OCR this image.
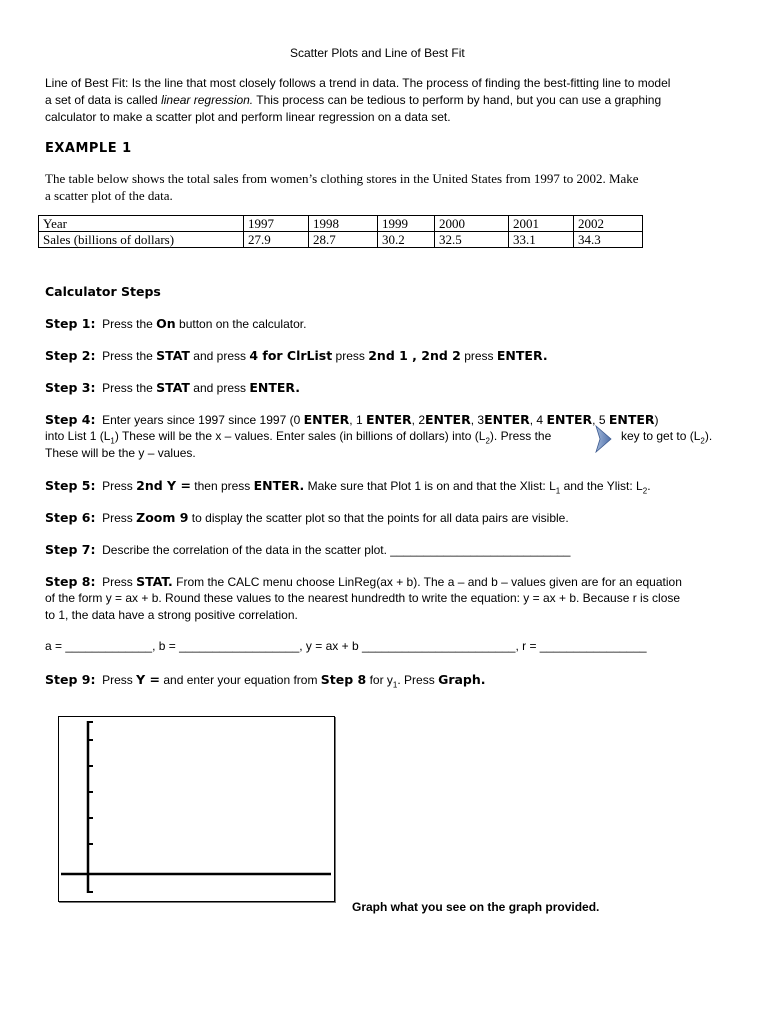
Scatter Plots and Line of Best Fit
Line of Best Fit: Is the line that most closely follows a trend in data. The process of finding the best-fitting line to model
a set of data is called linear regression. This process can be tedious to perform by hand, but you can use a graphing
calculator to make a scatter plot and perform linear regression on a data set.
EXAMPLE 1
The table below shows the total sales from women’s clothing stores in the United States from 1997 to 2002. Make
a scatter plot of the data.
Year	1997	1998	1999	2000	2001	2002
Sales (billions of dollars)	27.9	28.7	30.2	32.5	33.1	34.3
Calculator Steps
Step 1: Press the On button on the calculator.
Step 2: Press the STAT and press 4 for ClrList press 2nd 1 , 2nd 2 press ENTER.
Step 3: Press the STAT and press ENTER.
Step 4: Enter years since 1997 since 1997 (0 ENTER, 1 ENTER, 2ENTER, 3ENTER, 4 ENTER, 5 ENTER)
into List 1 $(L_1)$ These will be the x – values. Enter sales (in billions of dollars) into $(L_2)$. Press the	key to get to $(L_2)$.
These will be the y – values.
Step 5: Press 2nd Y = then press ENTER. Make sure that Plot 1 is on and that the Xlist: $L_1$ and the Ylist: $L_2$.
Step 6: Press Zoom 9 to display the scatter plot so that the points for all data pairs are visible.
Step 7: Describe the correlation of the data in the scatter plot. ___________________________
Step 8: Press STAT. From the CALC menu choose LinReg(ax + b). The a – and b – values given are for an equation
of the form y = ax + b. Round these values to the nearest hundredth to write the equation: y = ax + b. Because r is close
to 1, the data have a strong positive correlation.
a = _____________, b = __________________, y = ax + b _______________________, r = ________________
Step 9: Press Y = and enter your equation from Step 8 for $y_1$. Press Graph.
Graph what you see on the graph provided.
